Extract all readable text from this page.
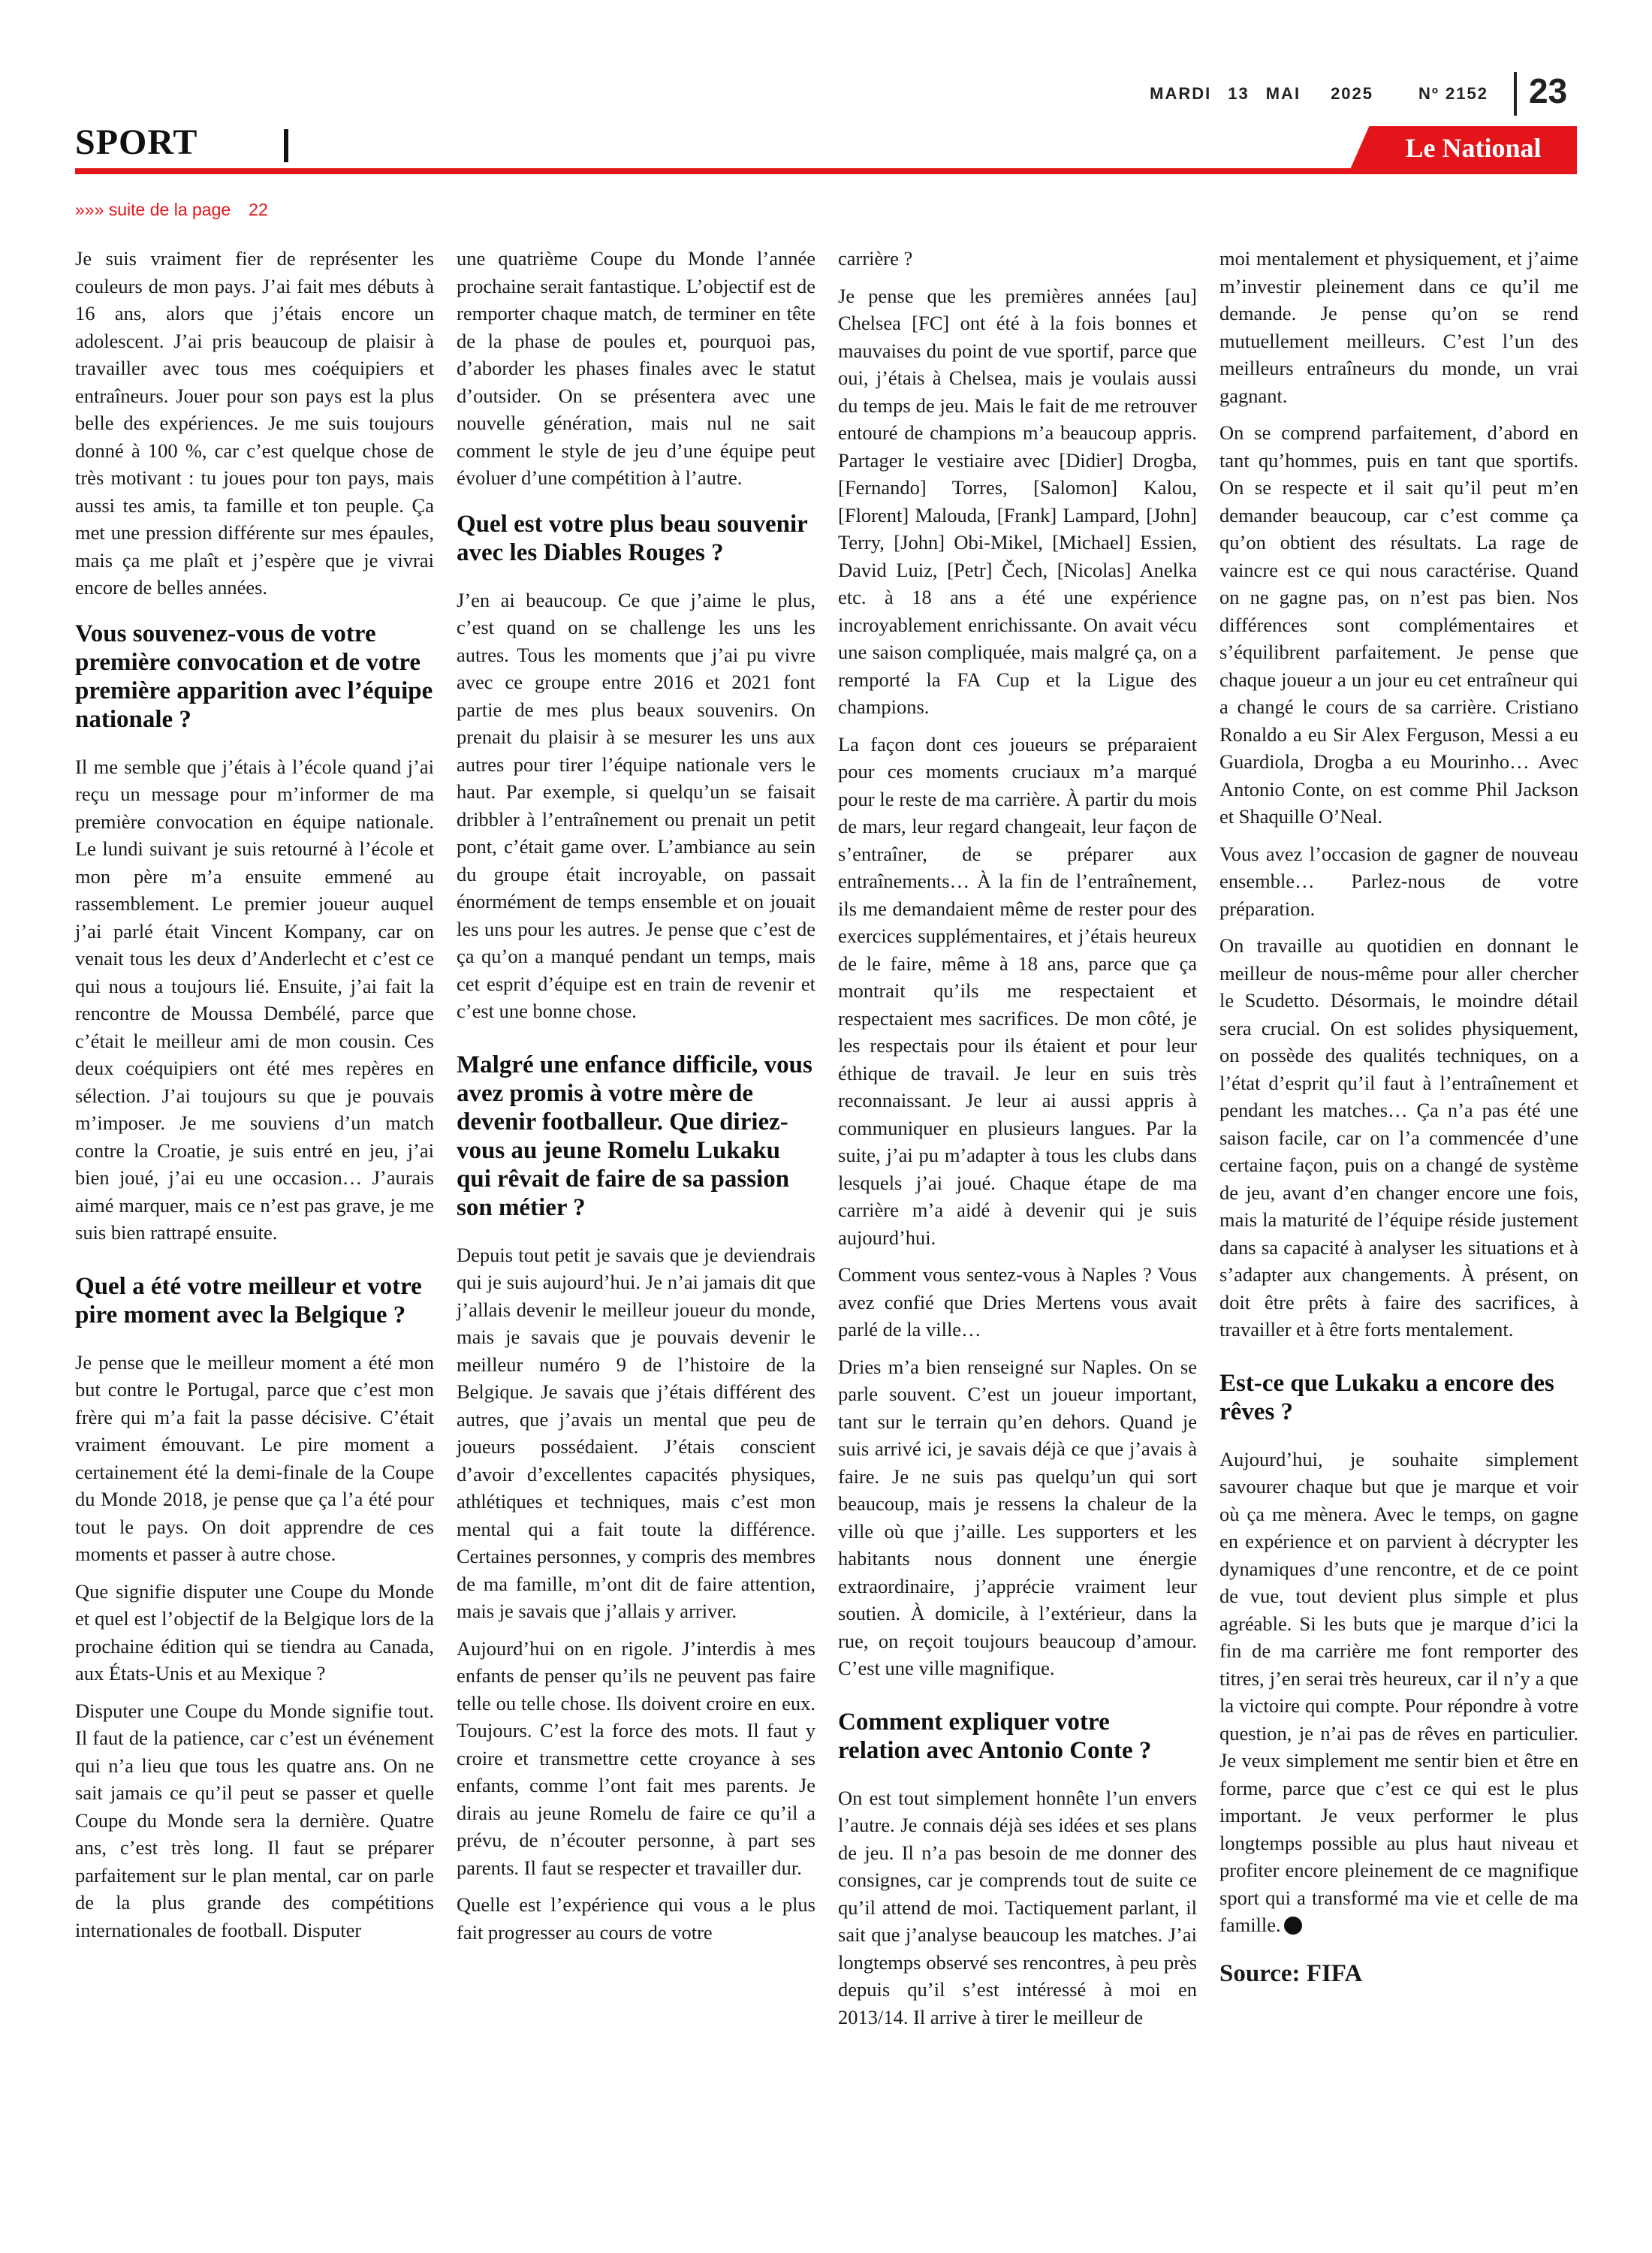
MARDI 13 MAI 2025	Nº 2152 23
SPORT	Le National
»»» suite de la page 22

Je suis vraiment fier de représenter les couleurs de mon pays. J’ai fait mes débuts à 16 ans, alors que j’étais encore un adolescent. J’ai pris beaucoup de plaisir à travailler avec tous mes coéquipiers et entraîneurs. Jouer pour son pays est la plus belle des expériences. Je me suis toujours donné à 100 %, car c’est quelque chose de très motivant : tu joues pour ton pays, mais aussi tes amis, ta famille et ton peuple. Ça met une pression différente sur mes épaules, mais ça me plaît et j’espère que je vivrai encore de belles années.

Vous souvenez-vous de votre première convocation et de votre première apparition avec l’équipe nationale ?

Il me semble que j’étais à l’école quand j’ai reçu un message pour m’informer de ma première convocation en équipe nationale. Le lundi suivant je suis retourné à l’école et mon père m’a ensuite emmené au rassemblement. Le premier joueur auquel j’ai parlé était Vincent Kompany, car on venait tous les deux d’Anderlecht et c’est ce qui nous a toujours lié. Ensuite, j’ai fait la rencontre de Moussa Dembélé, parce que c’était le meilleur ami de mon cousin. Ces deux coéquipiers ont été mes repères en sélection. J’ai toujours su que je pouvais m’imposer. Je me souviens d’un match contre la Croatie, je suis entré en jeu, j’ai bien joué, j’ai eu une occasion… J’aurais aimé marquer, mais ce n’est pas grave, je me suis bien rattrapé ensuite.

Quel a été votre meilleur et votre pire moment avec la Belgique ?

Je pense que le meilleur moment a été mon but contre le Portugal, parce que c’est mon frère qui m’a fait la passe décisive. C’était vraiment émouvant. Le pire moment a certainement été la demi-finale de la Coupe du Monde 2018, je pense que ça l’a été pour tout le pays. On doit apprendre de ces moments et passer à autre chose.

Que signifie disputer une Coupe du Monde et quel est l’objectif de la Belgique lors de la prochaine édition qui se tiendra au Canada, aux États-Unis et au Mexique ?

Disputer une Coupe du Monde signifie tout. Il faut de la patience, car c’est un événement qui n’a lieu que tous les quatre ans. On ne sait jamais ce qu’il peut se passer et quelle Coupe du Monde sera la dernière. Quatre ans, c’est très long. Il faut se préparer parfaitement sur le plan mental, car on parle de la plus grande des compétitions internationales de football. Disputer

une quatrième Coupe du Monde l’année prochaine serait fantastique. L’objectif est de remporter chaque match, de terminer en tête de la phase de poules et, pourquoi pas, d’aborder les phases finales avec le statut d’outsider. On se présentera avec une nouvelle génération, mais nul ne sait comment le style de jeu d’une équipe peut évoluer d’une compétition à l’autre.

Quel est votre plus beau souvenir avec les Diables Rouges ?

J’en ai beaucoup. Ce que j’aime le plus, c’est quand on se challenge les uns les autres. Tous les moments que j’ai pu vivre avec ce groupe entre 2016 et 2021 font partie de mes plus beaux souvenirs. On prenait du plaisir à se mesurer les uns aux autres pour tirer l’équipe nationale vers le haut. Par exemple, si quelqu’un se faisait dribbler à l’entraînement ou prenait un petit pont, c’était game over. L’ambiance au sein du groupe était incroyable, on passait énormément de temps ensemble et on jouait les uns pour les autres. Je pense que c’est de ça qu’on a manqué pendant un temps, mais cet esprit d’équipe est en train de revenir et c’est une bonne chose.

Malgré une enfance difficile, vous avez promis à votre mère de devenir footballeur. Que diriez-vous au jeune Romelu Lukaku qui rêvait de faire de sa passion son métier ?

Depuis tout petit je savais que je deviendrais qui je suis aujourd’hui. Je n’ai jamais dit que j’allais devenir le meilleur joueur du monde, mais je savais que je pouvais devenir le meilleur numéro 9 de l’histoire de la Belgique. Je savais que j’étais différent des autres, que j’avais un mental que peu de joueurs possédaient. J’étais conscient d’avoir d’excellentes capacités physiques, athlétiques et techniques, mais c’est mon mental qui a fait toute la différence. Certaines personnes, y compris des membres de ma famille, m’ont dit de faire attention, mais je savais que j’allais y arriver.

Aujourd’hui on en rigole. J’interdis à mes enfants de penser qu’ils ne peuvent pas faire telle ou telle chose. Ils doivent croire en eux. Toujours. C’est la force des mots. Il faut y croire et transmettre cette croyance à ses enfants, comme l’ont fait mes parents. Je dirais au jeune Romelu de faire ce qu’il a prévu, de n’écouter personne, à part ses parents. Il faut se respecter et travailler dur.

Quelle est l’expérience qui vous a le plus fait progresser au cours de votre

carrière ?

Je pense que les premières années [au] Chelsea [FC] ont été à la fois bonnes et mauvaises du point de vue sportif, parce que oui, j’étais à Chelsea, mais je voulais aussi du temps de jeu. Mais le fait de me retrouver entouré de champions m’a beaucoup appris. Partager le vestiaire avec [Didier] Drogba, [Fernando] Torres, [Salomon] Kalou, [Florent] Malouda, [Frank] Lampard, [John] Terry, [John] Obi-Mikel, [Michael] Essien, David Luiz, [Petr] Čech, [Nicolas] Anelka etc. à 18 ans a été une expérience incroyablement enrichissante. On avait vécu une saison compliquée, mais malgré ça, on a remporté la FA Cup et la Ligue des champions.

La façon dont ces joueurs se préparaient pour ces moments cruciaux m’a marqué pour le reste de ma carrière. À partir du mois de mars, leur regard changeait, leur façon de s’entraîner, de se préparer aux entraînements… À la fin de l’entraînement, ils me demandaient même de rester pour des exercices supplémentaires, et j’étais heureux de le faire, même à 18 ans, parce que ça montrait qu’ils me respectaient et respectaient mes sacrifices. De mon côté, je les respectais pour ils étaient et pour leur éthique de travail. Je leur en suis très reconnaissant. Je leur ai aussi appris à communiquer en plusieurs langues. Par la suite, j’ai pu m’adapter à tous les clubs dans lesquels j’ai joué. Chaque étape de ma carrière m’a aidé à devenir qui je suis aujourd’hui.

Comment vous sentez-vous à Naples ? Vous avez confié que Dries Mertens vous avait parlé de la ville…

Dries m’a bien renseigné sur Naples. On se parle souvent. C’est un joueur important, tant sur le terrain qu’en dehors. Quand je suis arrivé ici, je savais déjà ce que j’avais à faire. Je ne suis pas quelqu’un qui sort beaucoup, mais je ressens la chaleur de la ville où que j’aille. Les supporters et les habitants nous donnent une énergie extraordinaire, j’apprécie vraiment leur soutien. À domicile, à l’extérieur, dans la rue, on reçoit toujours beaucoup d’amour. C’est une ville magnifique.

Comment expliquer votre relation avec Antonio Conte ?

On est tout simplement honnête l’un envers l’autre. Je connais déjà ses idées et ses plans de jeu. Il n’a pas besoin de me donner des consignes, car je comprends tout de suite ce qu’il attend de moi. Tactiquement parlant, il sait que j’analyse beaucoup les matches. J’ai longtemps observé ses rencontres, à peu près depuis qu’il s’est intéressé à moi en 2013/14. Il arrive à tirer le meilleur de

moi mentalement et physiquement, et j’aime m’investir pleinement dans ce qu’il me demande. Je pense qu’on se rend mutuellement meilleurs. C’est l’un des meilleurs entraîneurs du monde, un vrai gagnant.

On se comprend parfaitement, d’abord en tant qu’hommes, puis en tant que sportifs. On se respecte et il sait qu’il peut m’en demander beaucoup, car c’est comme ça qu’on obtient des résultats. La rage de vaincre est ce qui nous caractérise. Quand on ne gagne pas, on n’est pas bien. Nos différences sont complémentaires et s’équilibrent parfaitement. Je pense que chaque joueur a un jour eu cet entraîneur qui a changé le cours de sa carrière. Cristiano Ronaldo a eu Sir Alex Ferguson, Messi a eu Guardiola, Drogba a eu Mourinho… Avec Antonio Conte, on est comme Phil Jackson et Shaquille O’Neal.

Vous avez l’occasion de gagner de nouveau ensemble… Parlez-nous de votre préparation.

On travaille au quotidien en donnant le meilleur de nous-même pour aller chercher le Scudetto. Désormais, le moindre détail sera crucial. On est solides physiquement, on possède des qualités techniques, on a l’état d’esprit qu’il faut à l’entraînement et pendant les matches… Ça n’a pas été une saison facile, car on l’a commencée d’une certaine façon, puis on a changé de système de jeu, avant d’en changer encore une fois, mais la maturité de l’équipe réside justement dans sa capacité à analyser les situations et à s’adapter aux changements. À présent, on doit être prêts à faire des sacrifices, à travailler et à être forts mentalement.

Est-ce que Lukaku a encore des rêves ?

Aujourd’hui, je souhaite simplement savourer chaque but que je marque et voir où ça me mènera. Avec le temps, on gagne en expérience et on parvient à décrypter les dynamiques d’une rencontre, et de ce point de vue, tout devient plus simple et plus agréable. Si les buts que je marque d’ici la fin de ma carrière me font remporter des titres, j’en serai très heureux, car il n’y a que la victoire qui compte. Pour répondre à votre question, je n’ai pas de rêves en particulier. Je veux simplement me sentir bien et être en forme, parce que c’est ce qui est le plus important. Je veux performer le plus longtemps possible au plus haut niveau et profiter encore pleinement de ce magnifique sport qui a transformé ma vie et celle de ma famille.

Source: FIFA
